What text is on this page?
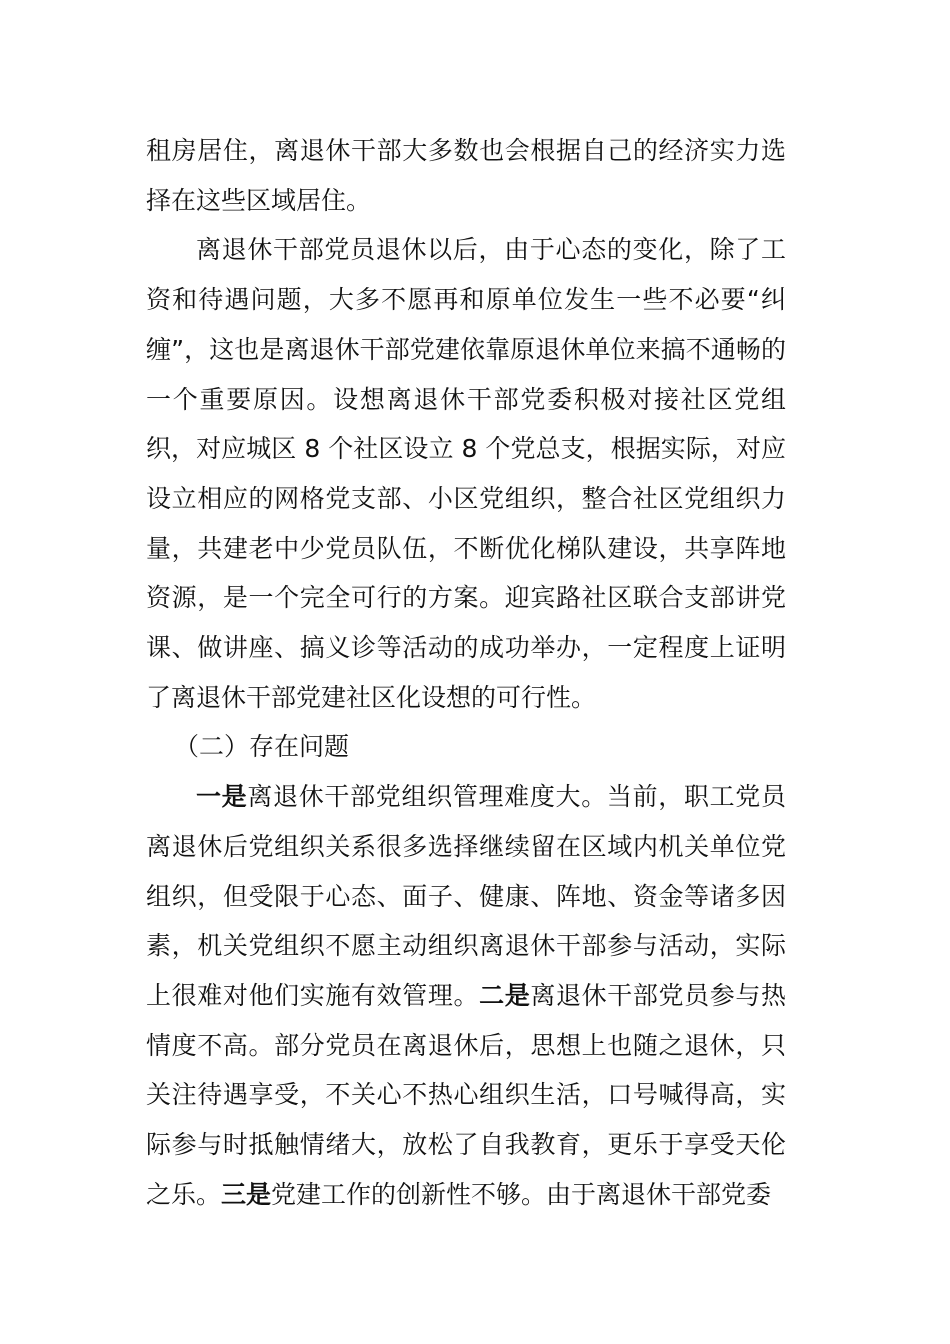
租房居住，离退休干部大多数也会根据自己的经济实力选择在这些区域居住。

离退休干部党员退休以后，由于心态的变化，除了工资和待遇问题，大多不愿再和原单位发生一些不必要“纠缠”，这也是离退休干部党建依靠原退休单位来搞不通畅的一个重要原因。设想离退休干部党委积极对接社区党组织，对应城区 8 个社区设立 8 个党总支，根据实际，对应设立相应的网格党支部、小区党组织，整合社区党组织力量，共建老中少党员队伍，不断优化梯队建设，共享阵地资源，是一个完全可行的方案。迎宾路社区联合支部讲党课、做讲座、搞义诊等活动的成功举办，一定程度上证明了离退休干部党建社区化设想的可行性。

（二）存在问题

一是离退休干部党组织管理难度大。当前，职工党员离退休后党组织关系很多选择继续留在区域内机关单位党组织，但受限于心态、面子、健康、阵地、资金等诸多因素，机关党组织不愿主动组织离退休干部参与活动，实际上很难对他们实施有效管理。二是离退休干部党员参与热情度不高。部分党员在离退休后，思想上也随之退休，只关注待遇享受，不关心不热心组织生活，口号喊得高，实际参与时抵触情绪大，放松了自我教育，更乐于享受天伦之乐。三是党建工作的创新性不够。由于离退休干部党委
